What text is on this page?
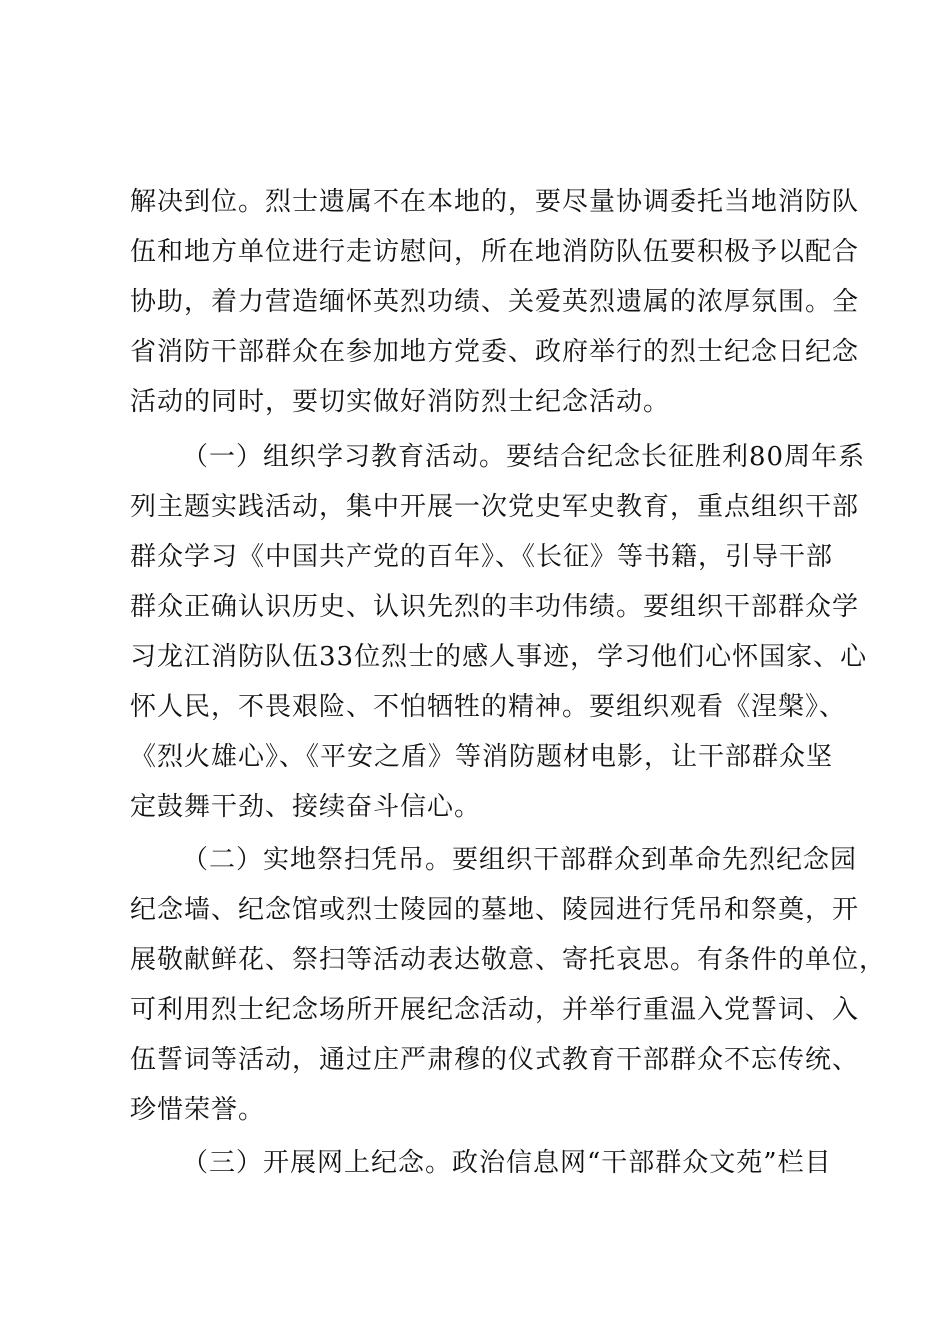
解决到位。烈士遗属不在本地的，要尽量协调委托当地消防队
伍和地方单位进行走访慰问，所在地消防队伍要积极予以配合
协助，着力营造缅怀英烈功绩、关爱英烈遗属的浓厚氛围。全
省消防干部群众在参加地方党委、政府举行的烈士纪念日纪念
活动的同时，要切实做好消防烈士纪念活动。
（一）组织学习教育活动。要结合纪念长征胜利80周年系
列主题实践活动，集中开展一次党史军史教育，重点组织干部
群众学习《中国共产党的百年》、《长征》等书籍，引导干部
群众正确认识历史、认识先烈的丰功伟绩。要组织干部群众学
习龙江消防队伍33位烈士的感人事迹，学习他们心怀国家、心
怀人民，不畏艰险、不怕牺牲的精神。要组织观看《涅槃》、
《烈火雄心》、《平安之盾》等消防题材电影，让干部群众坚
定鼓舞干劲、接续奋斗信心。
（二）实地祭扫凭吊。要组织干部群众到革命先烈纪念园
纪念墙、纪念馆或烈士陵园的墓地、陵园进行凭吊和祭奠，开
展敬献鲜花、祭扫等活动表达敬意、寄托哀思。有条件的单位，
可利用烈士纪念场所开展纪念活动，并举行重温入党誓词、入
伍誓词等活动，通过庄严肃穆的仪式教育干部群众不忘传统、
珍惜荣誉。
（三）开展网上纪念。政治信息网“干部群众文苑”栏目
